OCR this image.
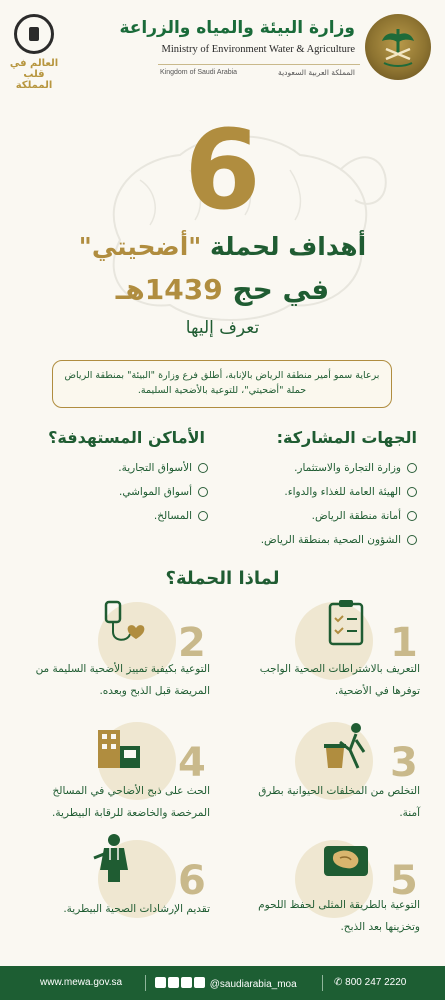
العالم في قلب المملكة
وزارة البيئة والمياه والزراعة
Ministry of Environment Water & Agriculture
Kingdom of Saudi Arabia	المملكة العربية السعودية
6
أهداف لحملة "أضحيتي"
في حج 1439هـ
تعرف إليها
برعاية سمو أمير منطقة الرياض بالإنابة، أطلق فرع وزارة "البيئة" بمنطقة الرياض حملة "أضحيتي"، للتوعية بالأضحية السليمة.
الجهات المشاركة:
وزارة التجارة والاستثمار.
الهيئة العامة للغذاء والدواء.
أمانة منطقة الرياض.
الشؤون الصحية بمنطقة الرياض.
الأماكن المستهدفة؟
الأسواق التجارية.
أسواق المواشي.
المسالخ.
لماذا الحملة؟
1
التعريف بالاشتراطات الصحية الواجب توفرها في الأضحية.
2
التوعية بكيفية تمييز الأضحية السليمة من المريضة قبل الذبح وبعده.
3
التخلص من المخلفات الحيوانية بطرق آمنة.
4
الحث على ذبح الأضاحي في المسالخ المرخصة والخاضعة للرقابة البيطرية.
5
التوعية بالطريقة المثلى لحفظ اللحوم وتخزينها بعد الذبح.
6
تقديم الإرشادات الصحية البيطرية.
www.mewa.gov.sa	@saudiarabia_moa	✆ 800 247 2220
